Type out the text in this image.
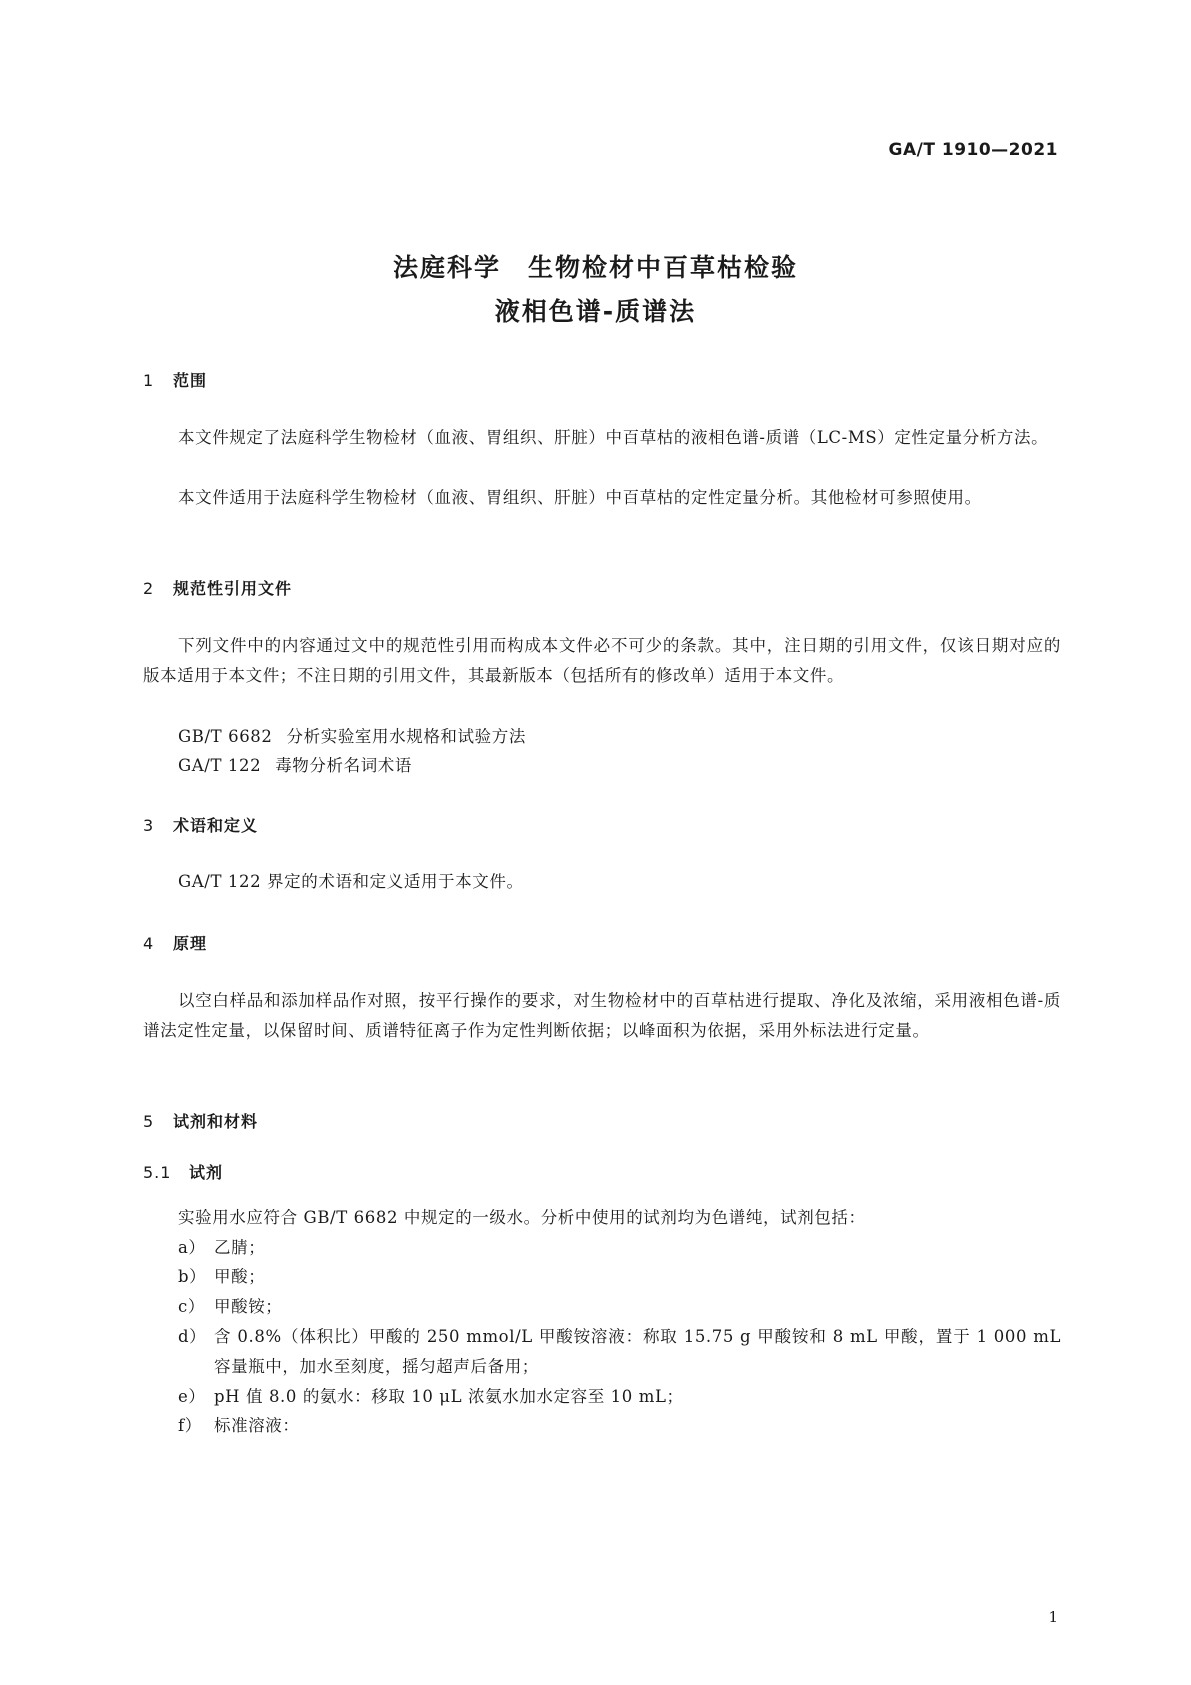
GA/T 1910—2021
法庭科学　生物检材中百草枯检验
液相色谱-质谱法
1 范围
本文件规定了法庭科学生物检材（血液、胃组织、肝脏）中百草枯的液相色谱-质谱（LC-MS）定性定量分析方法。
本文件适用于法庭科学生物检材（血液、胃组织、肝脏）中百草枯的定性定量分析。其他检材可参照使用。
2 规范性引用文件
下列文件中的内容通过文中的规范性引用而构成本文件必不可少的条款。其中，注日期的引用文件，仅该日期对应的版本适用于本文件；不注日期的引用文件，其最新版本（包括所有的修改单）适用于本文件。
GB/T 6682 分析实验室用水规格和试验方法
GA/T 122 毒物分析名词术语
3 术语和定义
GA/T 122 界定的术语和定义适用于本文件。
4 原理
以空白样品和添加样品作对照，按平行操作的要求，对生物检材中的百草枯进行提取、净化及浓缩，采用液相色谱-质谱法定性定量，以保留时间、质谱特征离子作为定性判断依据；以峰面积为依据，采用外标法进行定量。
5 试剂和材料
5.1 试剂
实验用水应符合 GB/T 6682 中规定的一级水。分析中使用的试剂均为色谱纯，试剂包括：
a） 乙腈；
b） 甲酸；
c） 甲酸铵；
d） 含 0.8%（体积比）甲酸的 250 mmol/L 甲酸铵溶液：称取 15.75 g 甲酸铵和 8 mL 甲酸，置于 1 000 mL 容量瓶中，加水至刻度，摇匀超声后备用；
e） pH 值 8.0 的氨水：移取 10 μL 浓氨水加水定容至 10 mL；
f） 标准溶液：
1
